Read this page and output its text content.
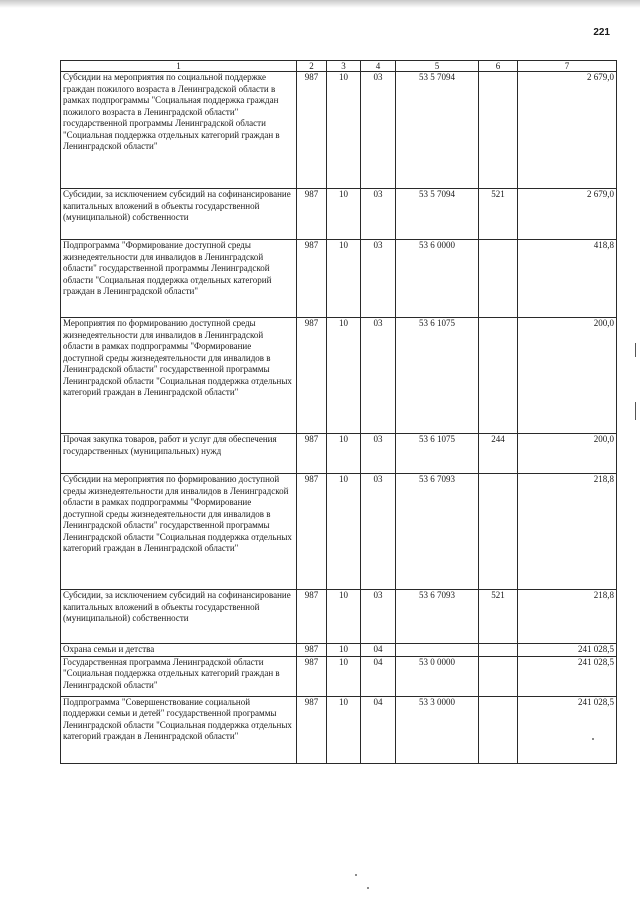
221
1	2	3	4	5	6	7
Субсидии на мероприятия по социальной поддержке граждан пожилого возраста в Ленинградской области в рамках подпрограммы "Социальная поддержка граждан пожилого возраста в Ленинградской области" государственной программы Ленинградской области "Социальная поддержка отдельных категорий граждан в Ленинградской области"	987	10	03	53 5 7094		2 679,0
Субсидии, за исключением субсидий на софинансирование капитальных вложений в объекты государственной (муниципальной) собственности	987	10	03	53 5 7094	521	2 679,0
Подпрограмма "Формирование доступной среды жизнедеятельности для инвалидов в Ленинградской области" государственной программы Ленинградской области "Социальная поддержка отдельных категорий граждан в Ленинградской области"	987	10	03	53 6 0000		418,8
Мероприятия по формированию доступной среды жизнедеятельности для инвалидов в Ленинградской области в рамках подпрограммы "Формирование доступной среды жизнедеятельности для инвалидов в Ленинградской области" государственной программы Ленинградской области "Социальная поддержка отдельных категорий граждан в Ленинградской области"	987	10	03	53 6 1075		200,0
Прочая закупка товаров, работ и услуг для обеспечения государственных (муниципальных) нужд	987	10	03	53 6 1075	244	200,0
Субсидии на мероприятия по формированию доступной среды жизнедеятельности для инвалидов в Ленинградской области в рамках подпрограммы "Формирование доступной среды жизнедеятельности для инвалидов в Ленинградской области" государственной программы Ленинградской области "Социальная поддержка отдельных категорий граждан в Ленинградской области"	987	10	03	53 6 7093		218,8
Субсидии, за исключением субсидий на софинансирование капитальных вложений в объекты государственной (муниципальной) собственности	987	10	03	53 6 7093	521	218,8
Охрана семьи и детства	987	10	04			241 028,5
Государственная программа Ленинградской области "Социальная поддержка отдельных категорий граждан в Ленинградской области"	987	10	04	53 0 0000		241 028,5
Подпрограмма "Совершенствование социальной поддержки семьи и детей" государственной программы Ленинградской области "Социальная поддержка отдельных категорий граждан в Ленинградской области"	987	10	04	53 3 0000		241 028,5
